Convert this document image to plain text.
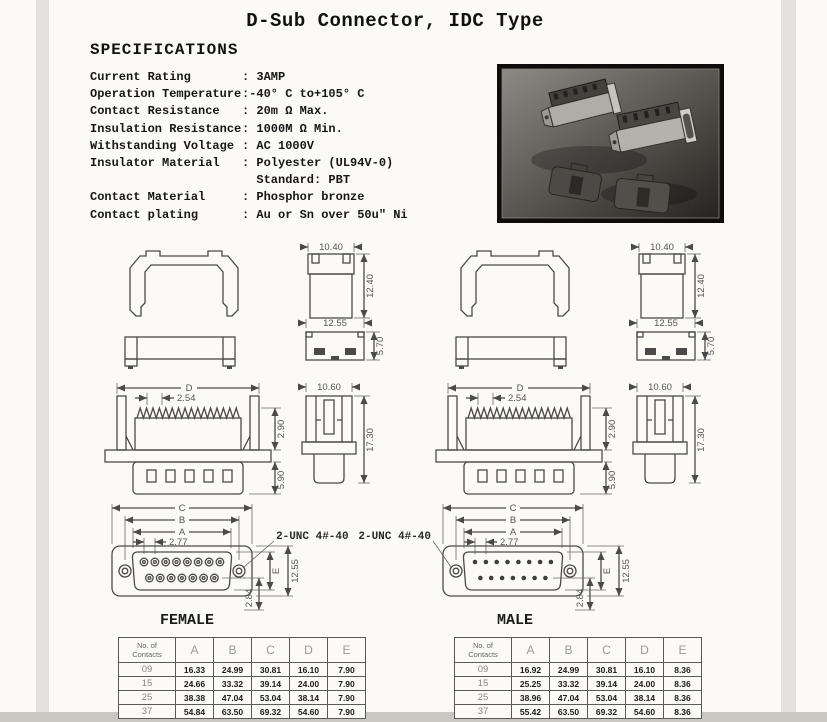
D-Sub Connector, IDC Type
SPECIFICATIONS
Current Rating	: 3AMP
Operation Temperature :-40° C to+105° C
Contact Resistance	: 20m Ω Max.
Insulation Resistance : 1000M Ω Min.
Withstanding Voltage : AC 1000V
Insulator Material	: Polyester (UL94V-0)
Standard: PBT
Contact Material	: Phosphor bronze
Contact plating	: Au or Sn over 50u" Ni
10.40
12.40
12.55
5.70
10.40
12.40
12.55
5.70
D
2.54
2.90
5.90
10.60
17.30
D
2.54
2.90
5.90
10.60
17.30
C
B
A
2.77
2.84
E 12.55
2-UNC 4#-40
FEMALE
C
B
A
2.77
2.84
E 12.55
2-UNC 4#-40
MALE
No. of
Contacts	A	B	C	D	E
09	16.33	24.99	30.81	16.10	7.90
15	24.66	33.32	39.14	24.00	7.90
25	38.38	47.04	53.04	38.14	7.90
37	54.84	63.50	69.32	54.60	7.90
No. of
Contacts	A	B	C	D	E
09	16.92	24.99	30.81	16.10	8.36
15	25.25	33.32	39.14	24.00	8.36
25	38.96	47.04	53.04	38.14	8.36
37	55.42	63.50	69.32	54.60	8.36
